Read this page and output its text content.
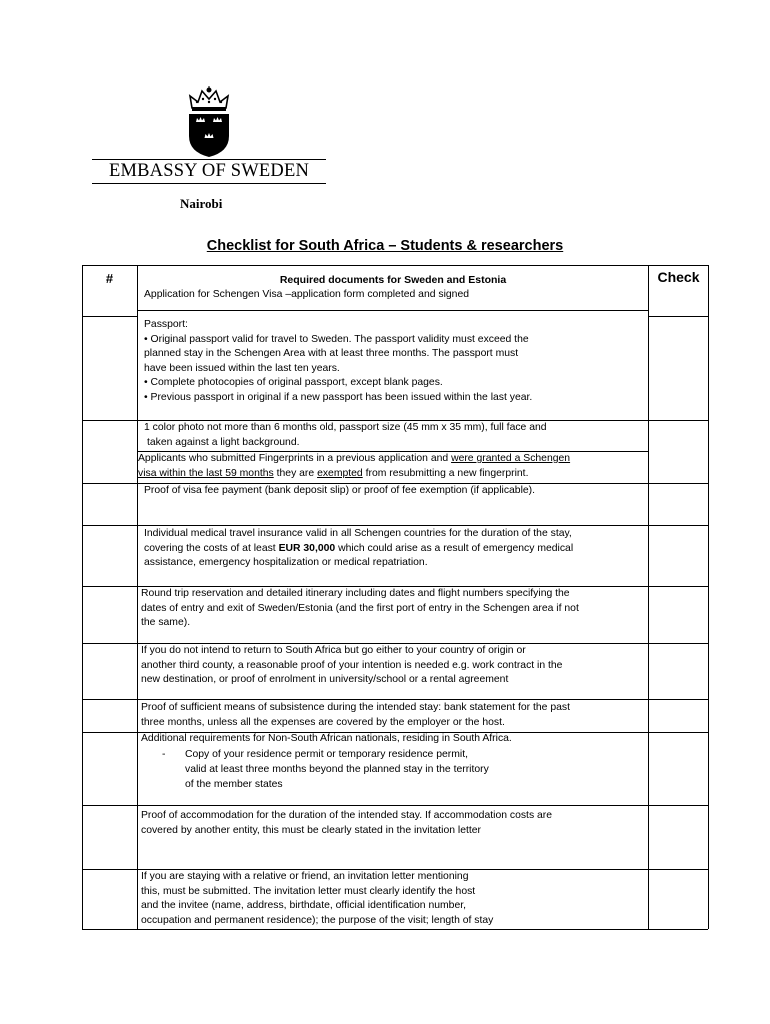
EMBASSY OF SWEDEN
Nairobi
Checklist for South Africa – Students & researchers
#	Required documents for Sweden and Estonia	Check
Application for Schengen Visa –application form completed and signed
Passport:
• Original passport valid for travel to Sweden. The passport validity must exceed the
planned stay in the Schengen Area with at least three months. The passport must
have been issued within the last ten years.
• Complete photocopies of original passport, except blank pages.
• Previous passport in original if a new passport has been issued within the last year.
1 color photo not more than 6 months old, passport size (45 mm x 35 mm), full face and
taken against a light background.
Applicants who submitted Fingerprints in a previous application and were granted a Schengen
visa within the last 59 months they are exempted from resubmitting a new fingerprint.
Proof of visa fee payment (bank deposit slip) or proof of fee exemption (if applicable).
Individual medical travel insurance valid in all Schengen countries for the duration of the stay,
covering the costs of at least EUR 30,000 which could arise as a result of emergency medical
assistance, emergency hospitalization or medical repatriation.
Round trip reservation and detailed itinerary including dates and flight numbers specifying the
dates of entry and exit of Sweden/Estonia (and the first port of entry in the Schengen area if not
the same).
If you do not intend to return to South Africa but go either to your country of origin or
another third county, a reasonable proof of your intention is needed e.g. work contract in the
new destination, or proof of enrolment in university/school or a rental agreement
Proof of sufficient means of subsistence during the intended stay: bank statement for the past
three months, unless all the expenses are covered by the employer or the host.
Additional requirements for Non-South African nationals, residing in South Africa.
- Copy of your residence permit or temporary residence permit,
valid at least three months beyond the planned stay in the territory
of the member states
Proof of accommodation for the duration of the intended stay. If accommodation costs are
covered by another entity, this must be clearly stated in the invitation letter
If you are staying with a relative or friend, an invitation letter mentioning
this, must be submitted. The invitation letter must clearly identify the host
and the invitee (name, address, birthdate, official identification number,
occupation and permanent residence); the purpose of the visit; length of stay
